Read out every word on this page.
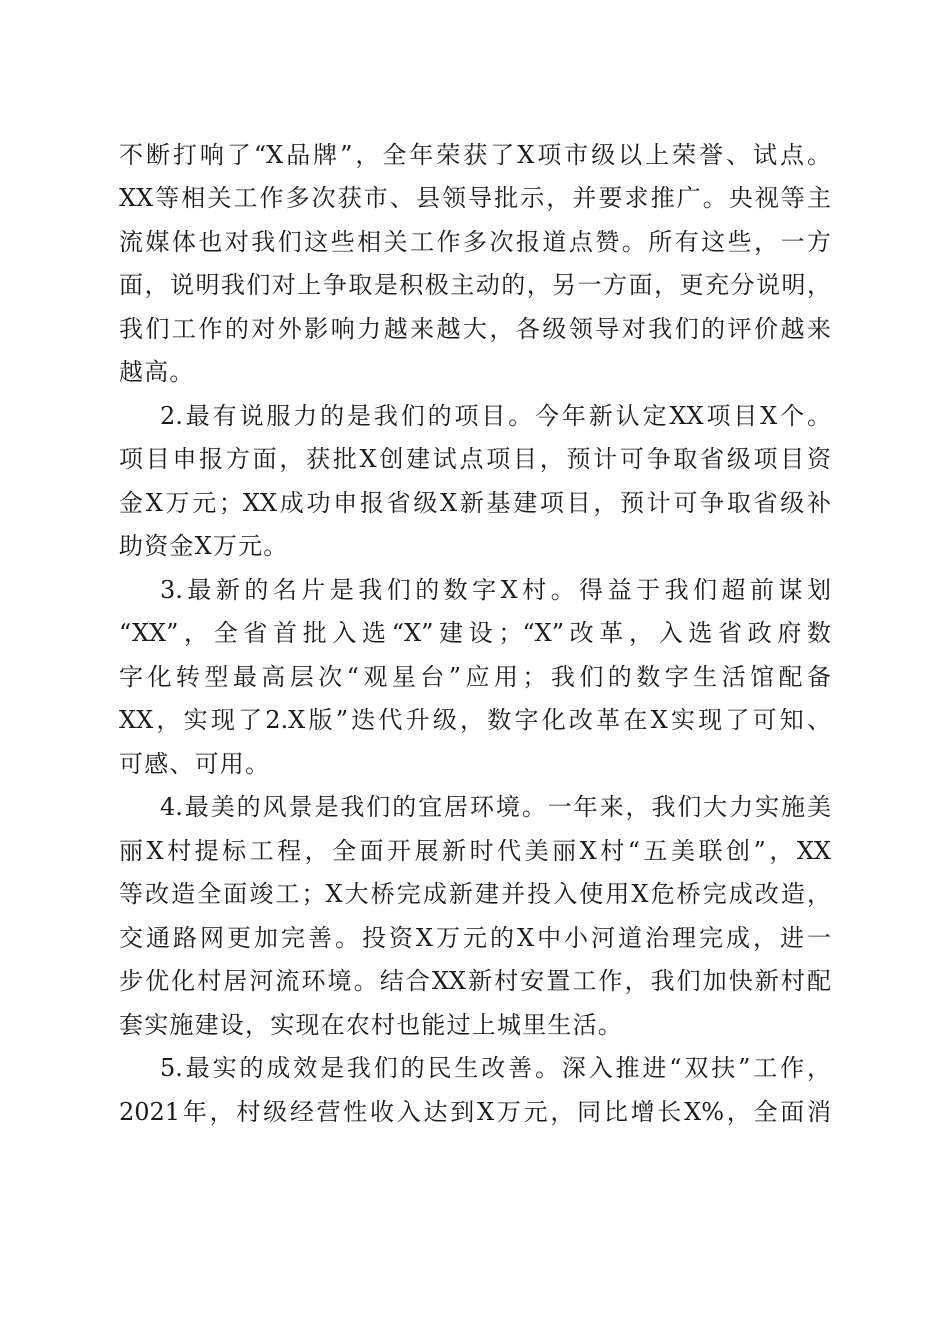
不断打响了“X品牌”，全年荣获了X项市级以上荣誉、试点。
XX等相关工作多次获市、县领导批示，并要求推广。央视等主
流媒体也对我们这些相关工作多次报道点赞。所有这些，一方
面，说明我们对上争取是积极主动的，另一方面，更充分说明，
我们工作的对外影响力越来越大，各级领导对我们的评价越来
越高。
2.最有说服力的是我们的项目。今年新认定XX项目X个。
项目申报方面，获批X创建试点项目，预计可争取省级项目资
金X万元；XX成功申报省级X新基建项目，预计可争取省级补
助资金X万元。
3.最新的名片是我们的数字X村。得益于我们超前谋划
“XX”，全省首批入选“X”建设；“X”改革，入选省政府数
字化转型最高层次“观星台”应用；我们的数字生活馆配备
XX，实现了2.X版”迭代升级，数字化改革在X实现了可知、
可感、可用。
4.最美的风景是我们的宜居环境。一年来，我们大力实施美
丽X村提标工程，全面开展新时代美丽X村“五美联创”，XX
等改造全面竣工；X大桥完成新建并投入使用X危桥完成改造，
交通路网更加完善。投资X万元的X中小河道治理完成，进一
步优化村居河流环境。结合XX新村安置工作，我们加快新村配
套实施建设，实现在农村也能过上城里生活。
5.最实的成效是我们的民生改善。深入推进“双扶”工作，
2021年，村级经营性收入达到X万元，同比增长X%，全面消
